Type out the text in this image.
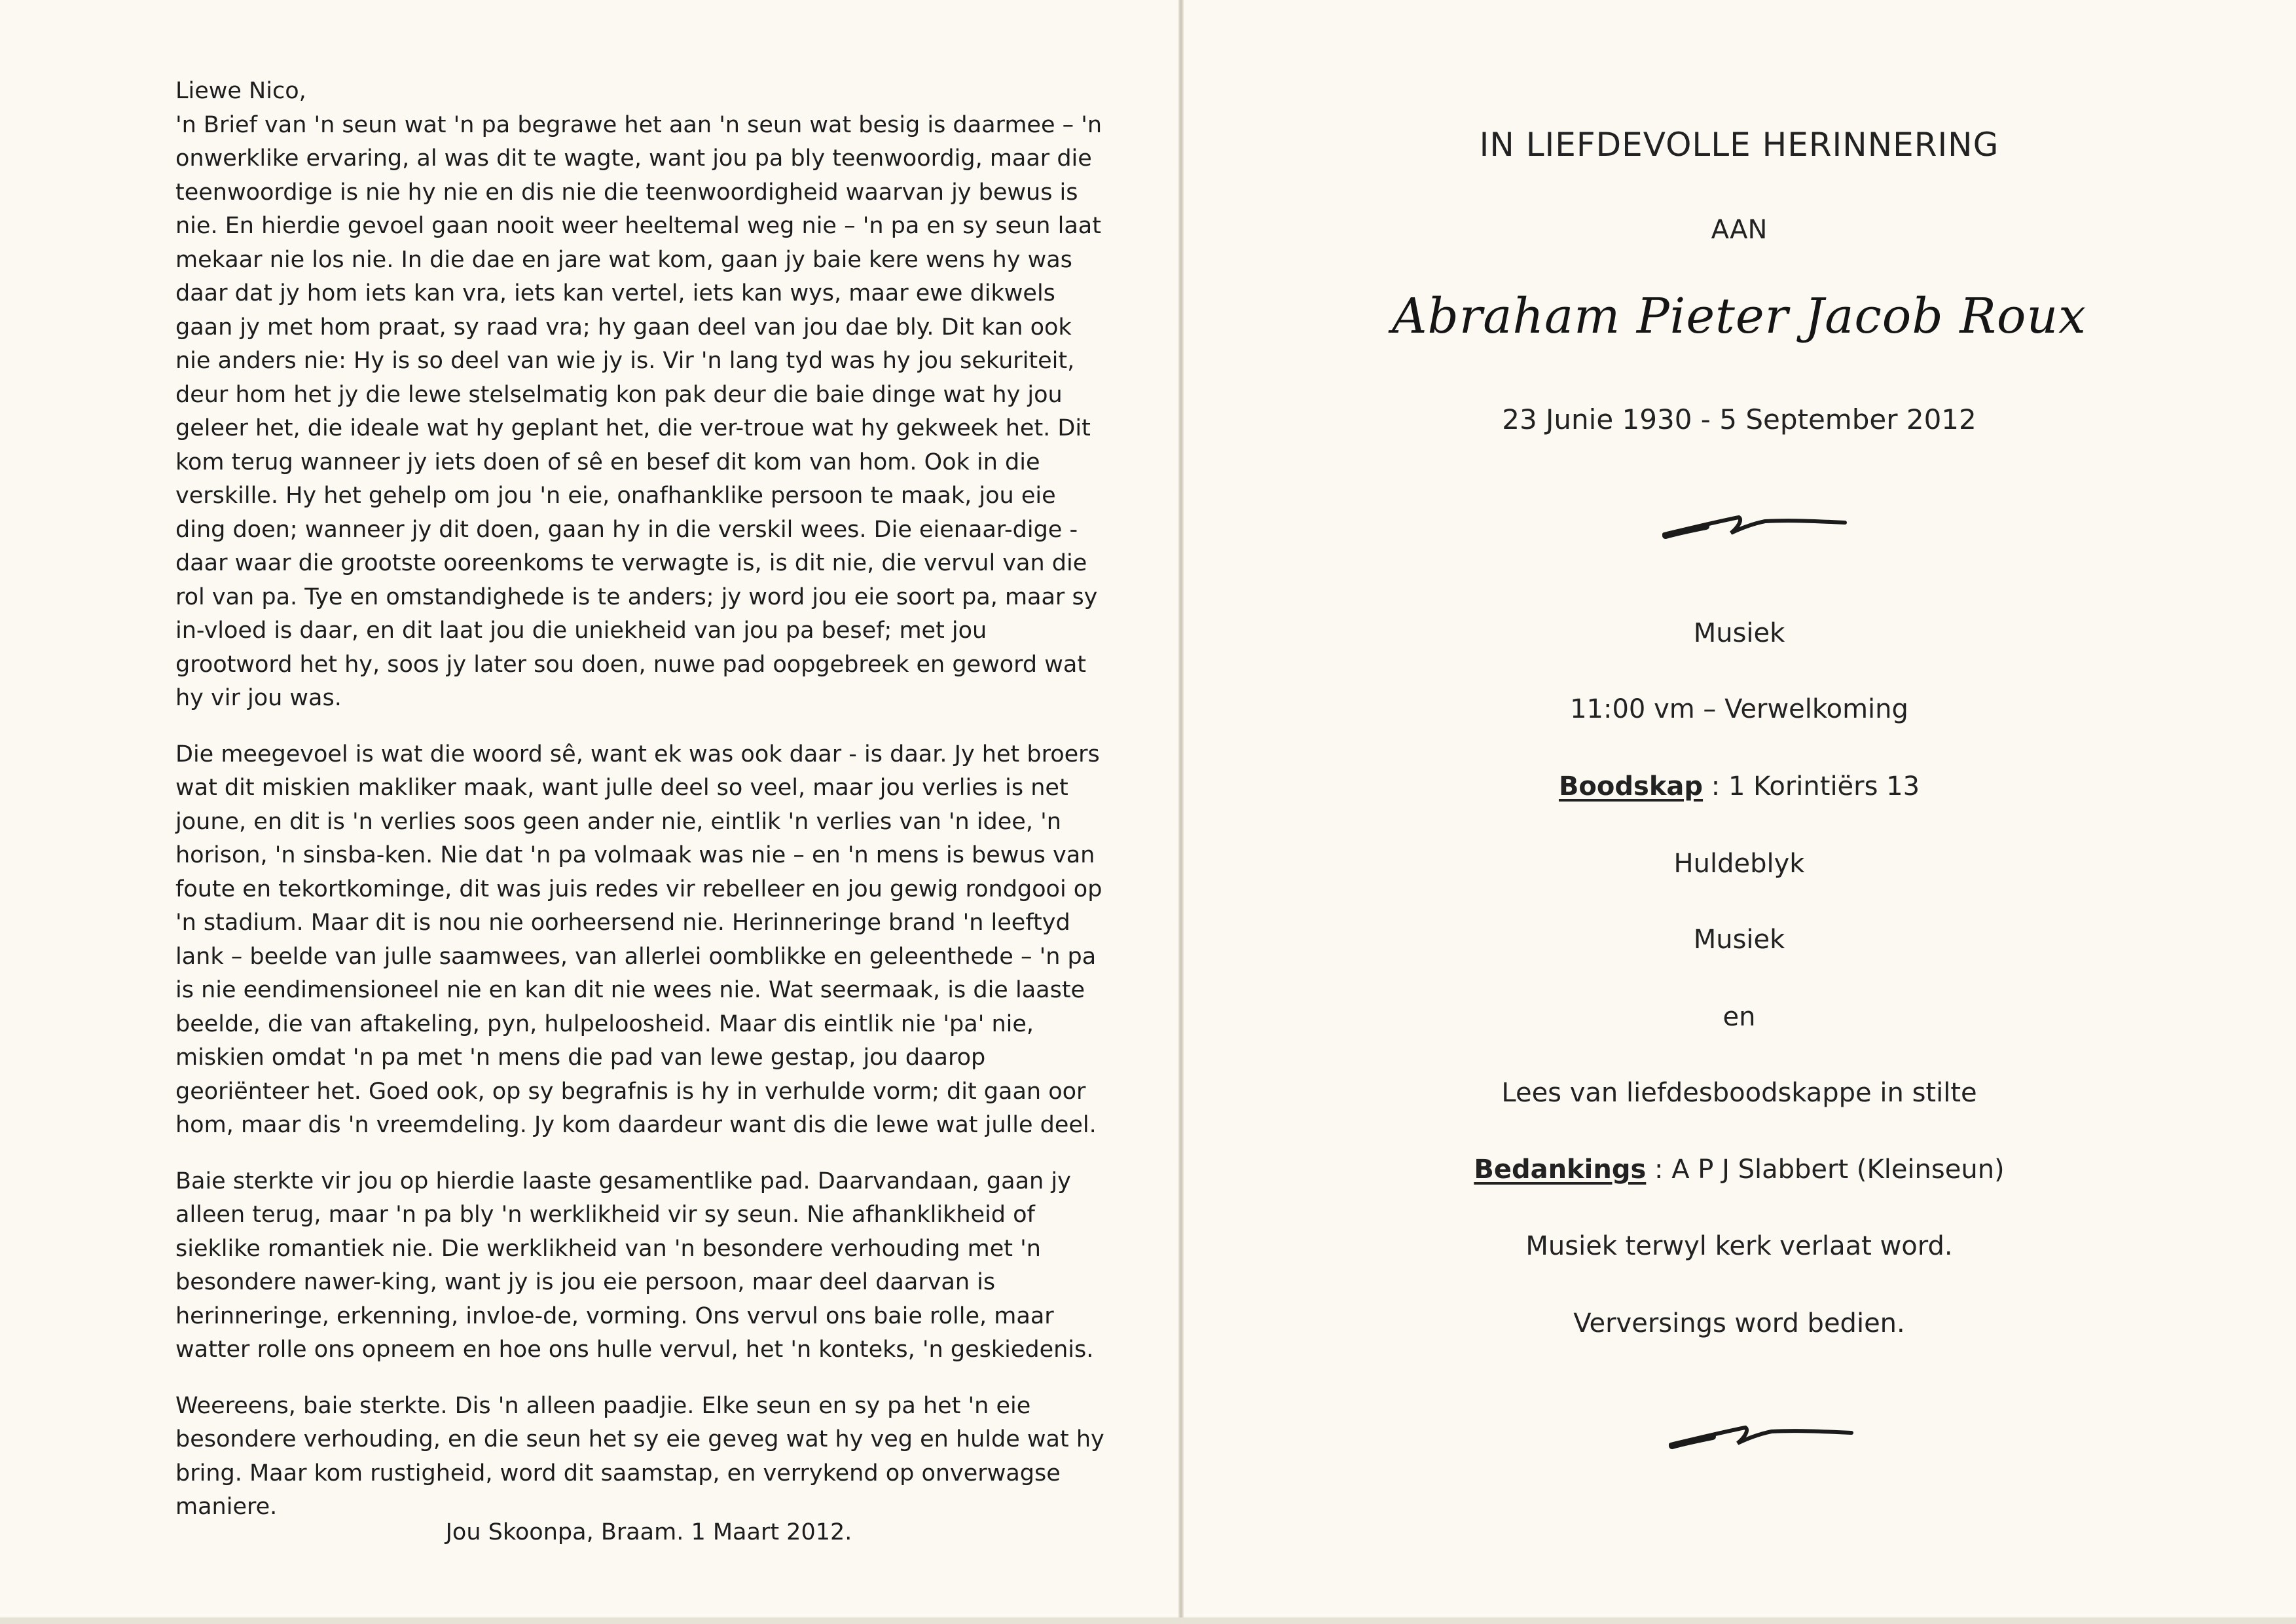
Liewe Nico,

'n Brief van 'n seun wat 'n pa begrawe het aan 'n seun wat besig is daarmee – 'n onwerklike ervaring, al was dit te wagte, want jou pa bly teenwoordig, maar die teenwoordige is nie hy nie en dis nie die teenwoordigheid waarvan jy bewus is nie. En hierdie gevoel gaan nooit weer heeltemal weg nie – 'n pa en sy seun laat mekaar nie los nie. In die dae en jare wat kom, gaan jy baie kere wens hy was daar dat jy hom iets kan vra, iets kan vertel, iets kan wys, maar ewe dikwels gaan jy met hom praat, sy raad vra; hy gaan deel van jou dae bly. Dit kan ook nie anders nie: Hy is so deel van wie jy is. Vir 'n lang tyd was hy jou sekuriteit, deur hom het jy die lewe stelselmatig kon pak deur die baie dinge wat hy jou geleer het, die ideale wat hy geplant het, die ver-troue wat hy gekweek het. Dit kom terug wanneer jy iets doen of sê en besef dit kom van hom. Ook in die verskille. Hy het gehelp om jou 'n eie, onafhanklike persoon te maak, jou eie ding doen; wanneer jy dit doen, gaan hy in die verskil wees. Die eienaar-dige - daar waar die grootste ooreenkoms te verwagte is, is dit nie, die vervul van die rol van pa. Tye en omstandighede is te anders; jy word jou eie soort pa, maar sy in-vloed is daar, en dit laat jou die uniekheid van jou pa besef; met jou grootword het hy, soos jy later sou doen, nuwe pad oopgebreek en geword wat hy vir jou was.

Die meegevoel is wat die woord sê, want ek was ook daar - is daar. Jy het broers wat dit miskien makliker maak, want julle deel so veel, maar jou verlies is net joune, en dit is 'n verlies soos geen ander nie, eintlik 'n verlies van 'n idee, 'n horison, 'n sinsba-ken. Nie dat 'n pa volmaak was nie – en 'n mens is bewus van foute en tekortkominge, dit was juis redes vir rebelleer en jou gewig rondgooi op 'n stadium. Maar dit is nou nie oorheersend nie. Herinneringe brand 'n leeftyd lank – beelde van julle saamwees, van allerlei oomblikke en geleenthede – 'n pa is nie eendimensioneel nie en kan dit nie wees nie. Wat seermaak, is die laaste beelde, die van aftakeling, pyn, hulpeloosheid. Maar dis eintlik nie 'pa' nie, miskien omdat 'n pa met 'n mens die pad van lewe gestap, jou daarop georiënteer het. Goed ook, op sy begrafnis is hy in verhulde vorm; dit gaan oor hom, maar dis 'n vreemdeling. Jy kom daardeur want dis die lewe wat julle deel.

Baie sterkte vir jou op hierdie laaste gesamentlike pad. Daarvandaan, gaan jy alleen terug, maar 'n pa bly 'n werklikheid vir sy seun. Nie afhanklikheid of sieklike romantiek nie. Die werklikheid van 'n besondere verhouding met 'n besondere nawer-king, want jy is jou eie persoon, maar deel daarvan is herinneringe, erkenning, invloe-de, vorming. Ons vervul ons baie rolle, maar watter rolle ons opneem en hoe ons hulle vervul, het 'n konteks, 'n geskiedenis.

Weereens, baie sterkte. Dis 'n alleen paadjie. Elke seun en sy pa het 'n eie besondere verhouding, en die seun het sy eie geveg wat hy veg en hulde wat hy bring. Maar kom rustigheid, word dit saamstap, en verrykend op onverwagse maniere.

Jou Skoonpa, Braam. 1 Maart 2012.
IN LIEFDEVOLLE HERINNERING
AAN
Abraham Pieter Jacob Roux
23 Junie 1930 - 5 September 2012
Musiek
11:00 vm – Verwelkoming
Boodskap : 1 Korintiërs 13
Huldeblyk
Musiek
en
Lees van liefdesboodskappe in stilte
Bedankings : A P J Slabbert (Kleinseun)
Musiek terwyl kerk verlaat word.
Verversings word bedien.
